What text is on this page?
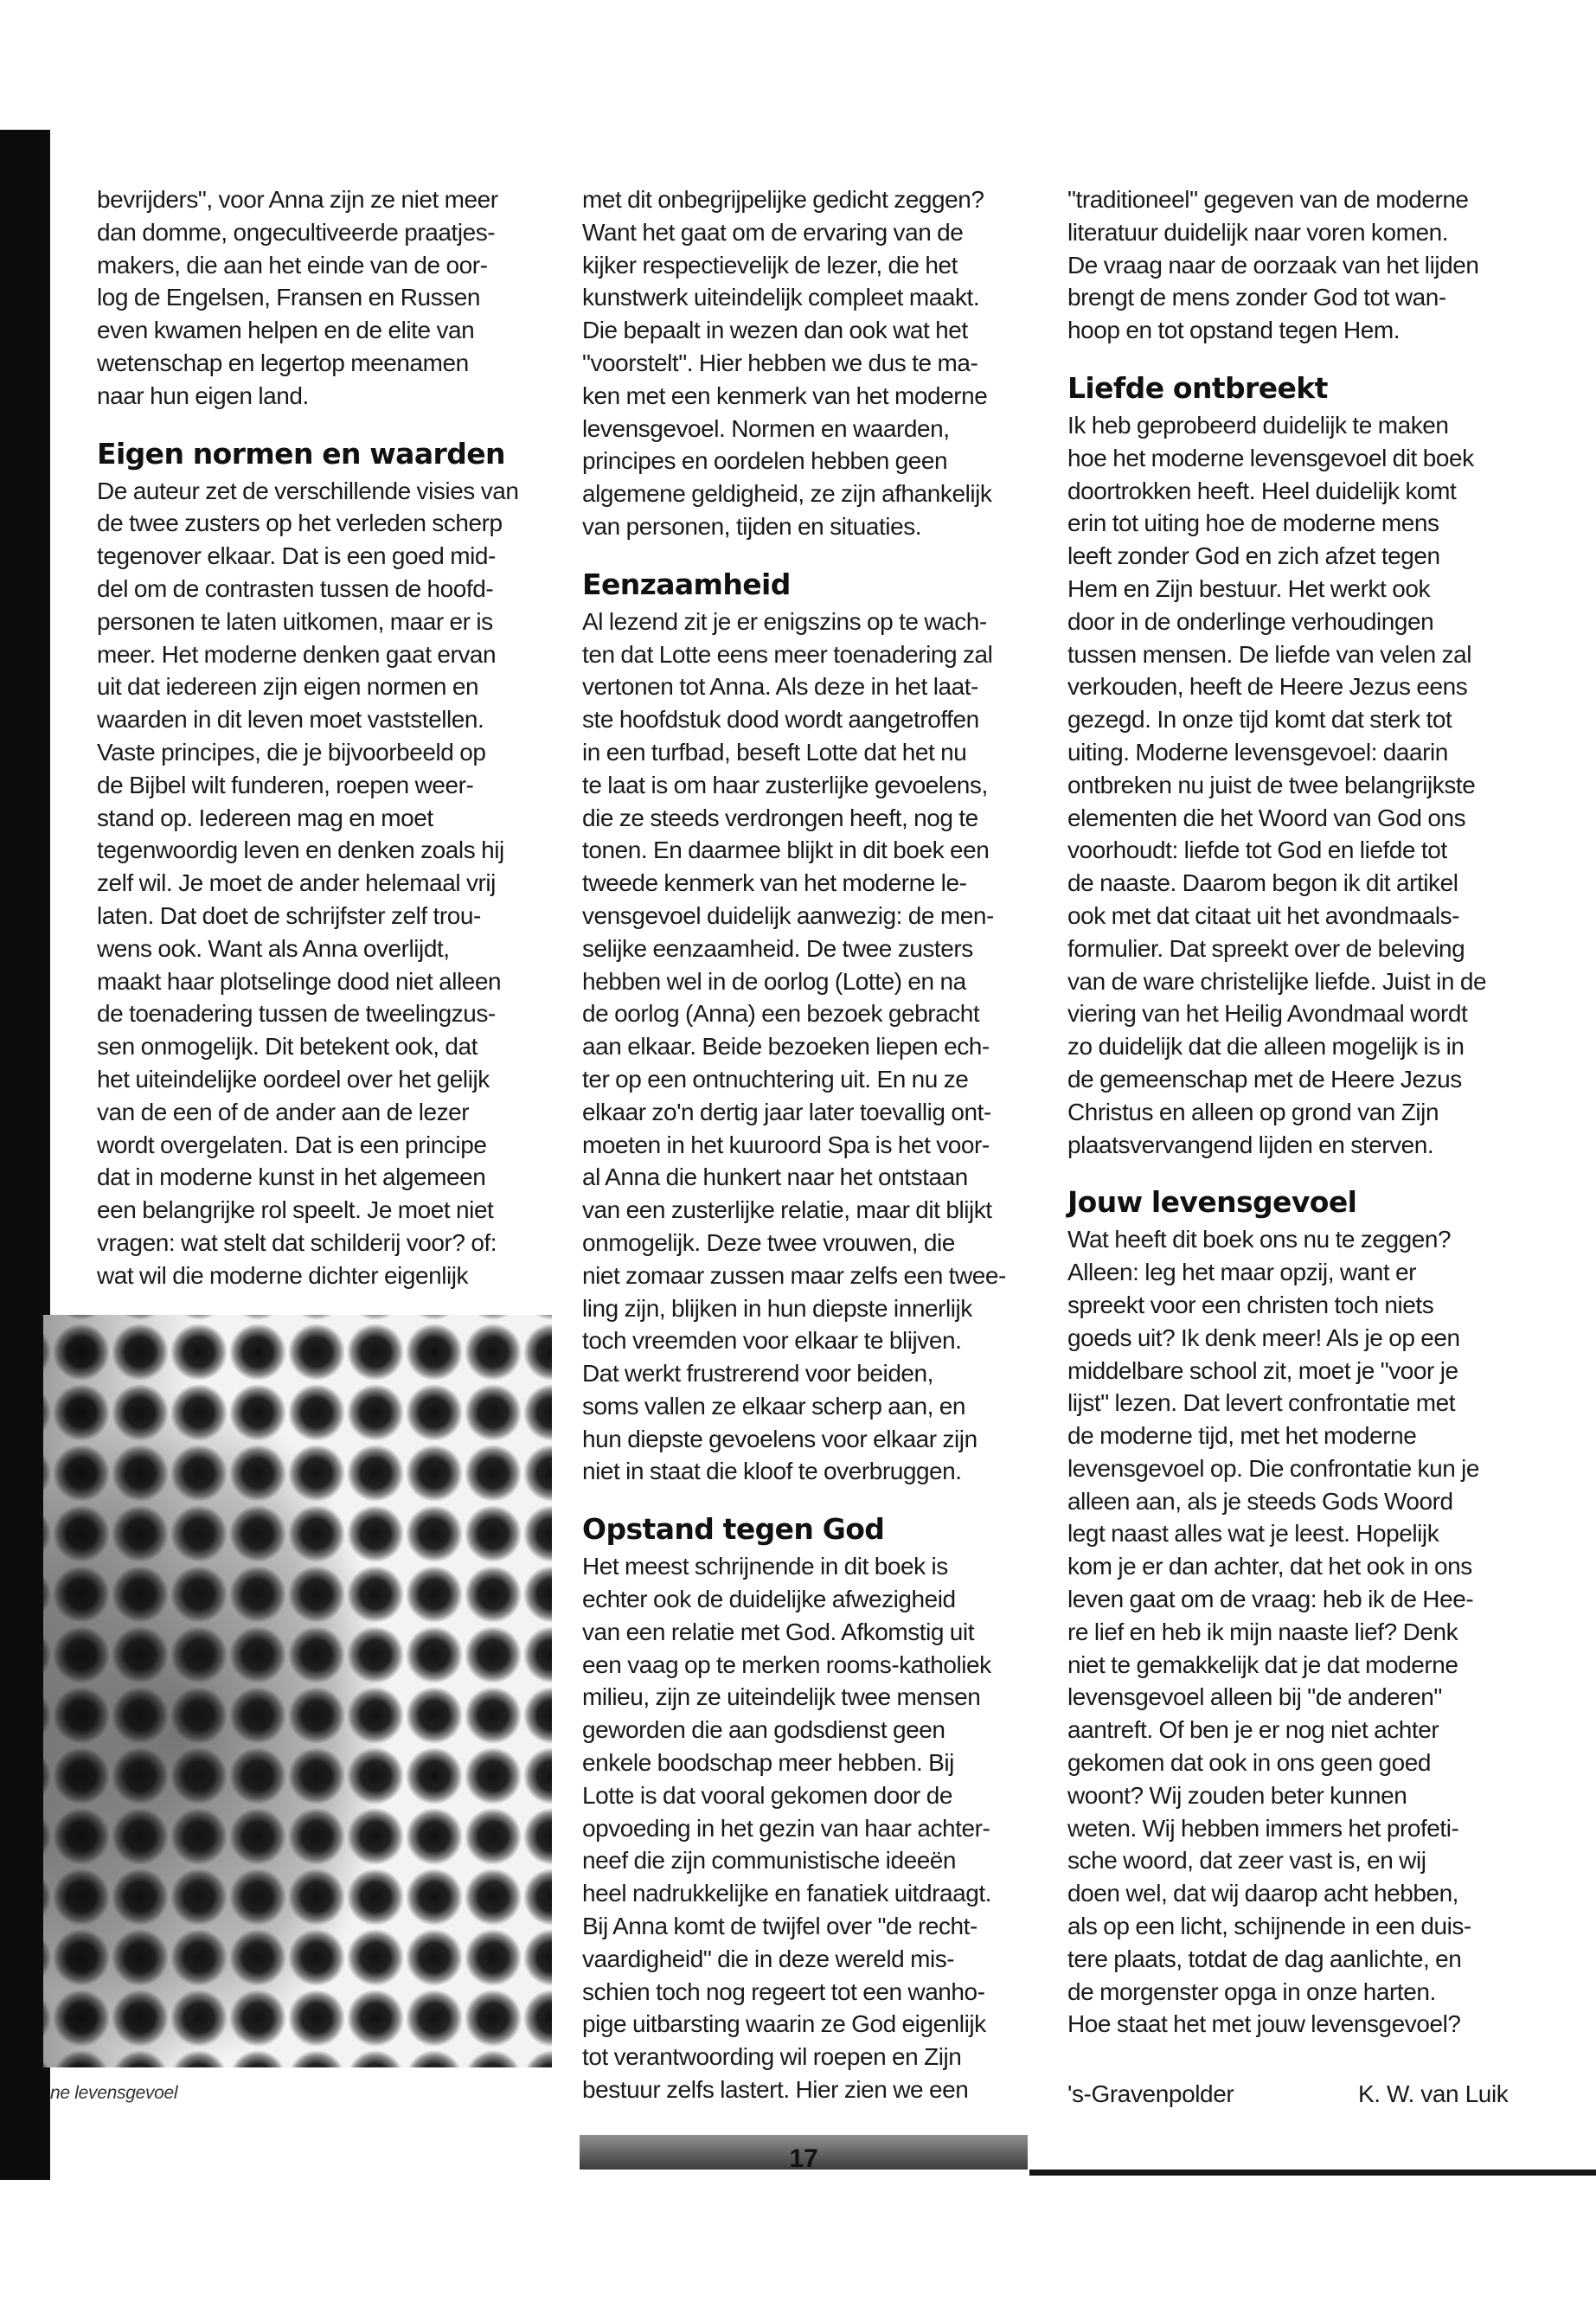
bevrijders", voor Anna zijn ze niet meer
dan domme, ongecultiveerde praatjes-
makers, die aan het einde van de oor-
log de Engelsen, Fransen en Russen
even kwamen helpen en de elite van
wetenschap en legertop meenamen
naar hun eigen land.

Eigen normen en waarden

De auteur zet de verschillende visies van
de twee zusters op het verleden scherp
tegenover elkaar. Dat is een goed mid-
del om de contrasten tussen de hoofd-
personen te laten uitkomen, maar er is
meer. Het moderne denken gaat ervan
uit dat iedereen zijn eigen normen en
waarden in dit leven moet vaststellen.
Vaste principes, die je bijvoorbeeld op
de Bijbel wilt funderen, roepen weer-
stand op. Iedereen mag en moet
tegenwoordig leven en denken zoals hij
zelf wil. Je moet de ander helemaal vrij
laten. Dat doet de schrijfster zelf trou-
wens ook. Want als Anna overlijdt,
maakt haar plotselinge dood niet alleen
de toenadering tussen de tweelingzus-
sen onmogelijk. Dit betekent ook, dat
het uiteindelijke oordeel over het gelijk
van de een of de ander aan de lezer
wordt overgelaten. Dat is een principe
dat in moderne kunst in het algemeen
een belangrijke rol speelt. Je moet niet
vragen: wat stelt dat schilderij voor? of:
wat wil die moderne dichter eigenlijk

met dit onbegrijpelijke gedicht zeggen?
Want het gaat om de ervaring van de
kijker respectievelijk de lezer, die het
kunstwerk uiteindelijk compleet maakt.
Die bepaalt in wezen dan ook wat het
"voorstelt". Hier hebben we dus te ma-
ken met een kenmerk van het moderne
levensgevoel. Normen en waarden,
principes en oordelen hebben geen
algemene geldigheid, ze zijn afhankelijk
van personen, tijden en situaties.

Eenzaamheid

Al lezend zit je er enigszins op te wach-
ten dat Lotte eens meer toenadering zal
vertonen tot Anna. Als deze in het laat-
ste hoofdstuk dood wordt aangetroffen
in een turfbad, beseft Lotte dat het nu
te laat is om haar zusterlijke gevoelens,
die ze steeds verdrongen heeft, nog te
tonen. En daarmee blijkt in dit boek een
tweede kenmerk van het moderne le-
vensgevoel duidelijk aanwezig: de men-
selijke eenzaamheid. De twee zusters
hebben wel in de oorlog (Lotte) en na
de oorlog (Anna) een bezoek gebracht
aan elkaar. Beide bezoeken liepen ech-
ter op een ontnuchtering uit. En nu ze
elkaar zo'n dertig jaar later toevallig ont-
moeten in het kuuroord Spa is het voor-
al Anna die hunkert naar het ontstaan
van een zusterlijke relatie, maar dit blijkt
onmogelijk. Deze twee vrouwen, die
niet zomaar zussen maar zelfs een twee-
ling zijn, blijken in hun diepste innerlijk
toch vreemden voor elkaar te blijven.
Dat werkt frustrerend voor beiden,
soms vallen ze elkaar scherp aan, en
hun diepste gevoelens voor elkaar zijn
niet in staat die kloof te overbruggen.

Opstand tegen God

Het meest schrijnende in dit boek is
echter ook de duidelijke afwezigheid
van een relatie met God. Afkomstig uit
een vaag op te merken rooms-katholiek
milieu, zijn ze uiteindelijk twee mensen
geworden die aan godsdienst geen
enkele boodschap meer hebben. Bij
Lotte is dat vooral gekomen door de
opvoeding in het gezin van haar achter-
neef die zijn communistische ideeën
heel nadrukkelijke en fanatiek uitdraagt.
Bij Anna komt de twijfel over "de recht-
vaardigheid" die in deze wereld mis-
schien toch nog regeert tot een wanho-
pige uitbarsting waarin ze God eigenlijk
tot verantwoording wil roepen en Zijn
bestuur zelfs lastert. Hier zien we een

"traditioneel" gegeven van de moderne
literatuur duidelijk naar voren komen.
De vraag naar de oorzaak van het lijden
brengt de mens zonder God tot wan-
hoop en tot opstand tegen Hem.

Liefde ontbreekt

Ik heb geprobeerd duidelijk te maken
hoe het moderne levensgevoel dit boek
doortrokken heeft. Heel duidelijk komt
erin tot uiting hoe de moderne mens
leeft zonder God en zich afzet tegen
Hem en Zijn bestuur. Het werkt ook
door in de onderlinge verhoudingen
tussen mensen. De liefde van velen zal
verkouden, heeft de Heere Jezus eens
gezegd. In onze tijd komt dat sterk tot
uiting. Moderne levensgevoel: daarin
ontbreken nu juist de twee belangrijkste
elementen die het Woord van God ons
voorhoudt: liefde tot God en liefde tot
de naaste. Daarom begon ik dit artikel
ook met dat citaat uit het avondmaals-
formulier. Dat spreekt over de beleving
van de ware christelijke liefde. Juist in de
viering van het Heilig Avondmaal wordt
zo duidelijk dat die alleen mogelijk is in
de gemeenschap met de Heere Jezus
Christus en alleen op grond van Zijn
plaatsvervangend lijden en sterven.

Jouw levensgevoel

Wat heeft dit boek ons nu te zeggen?
Alleen: leg het maar opzij, want er
spreekt voor een christen toch niets
goeds uit? Ik denk meer! Als je op een
middelbare school zit, moet je "voor je
lijst" lezen. Dat levert confrontatie met
de moderne tijd, met het moderne
levensgevoel op. Die confrontatie kun je
alleen aan, als je steeds Gods Woord
legt naast alles wat je leest. Hopelijk
kom je er dan achter, dat het ook in ons
leven gaat om de vraag: heb ik de Hee-
re lief en heb ik mijn naaste lief? Denk
niet te gemakkelijk dat je dat moderne
levensgevoel alleen bij "de anderen"
aantreft. Of ben je er nog niet achter
gekomen dat ook in ons geen goed
woont? Wij zouden beter kunnen
weten. Wij hebben immers het profeti-
sche woord, dat zeer vast is, en wij
doen wel, dat wij daarop acht hebben,
als op een licht, schijnende in een duis-
tere plaats, totdat de dag aanlichte, en
de morgenster opga in onze harten.
Hoe staat het met jouw levensgevoel?

ne levensgevoel	's-Gravenpolder	K. W. van Luik
17
